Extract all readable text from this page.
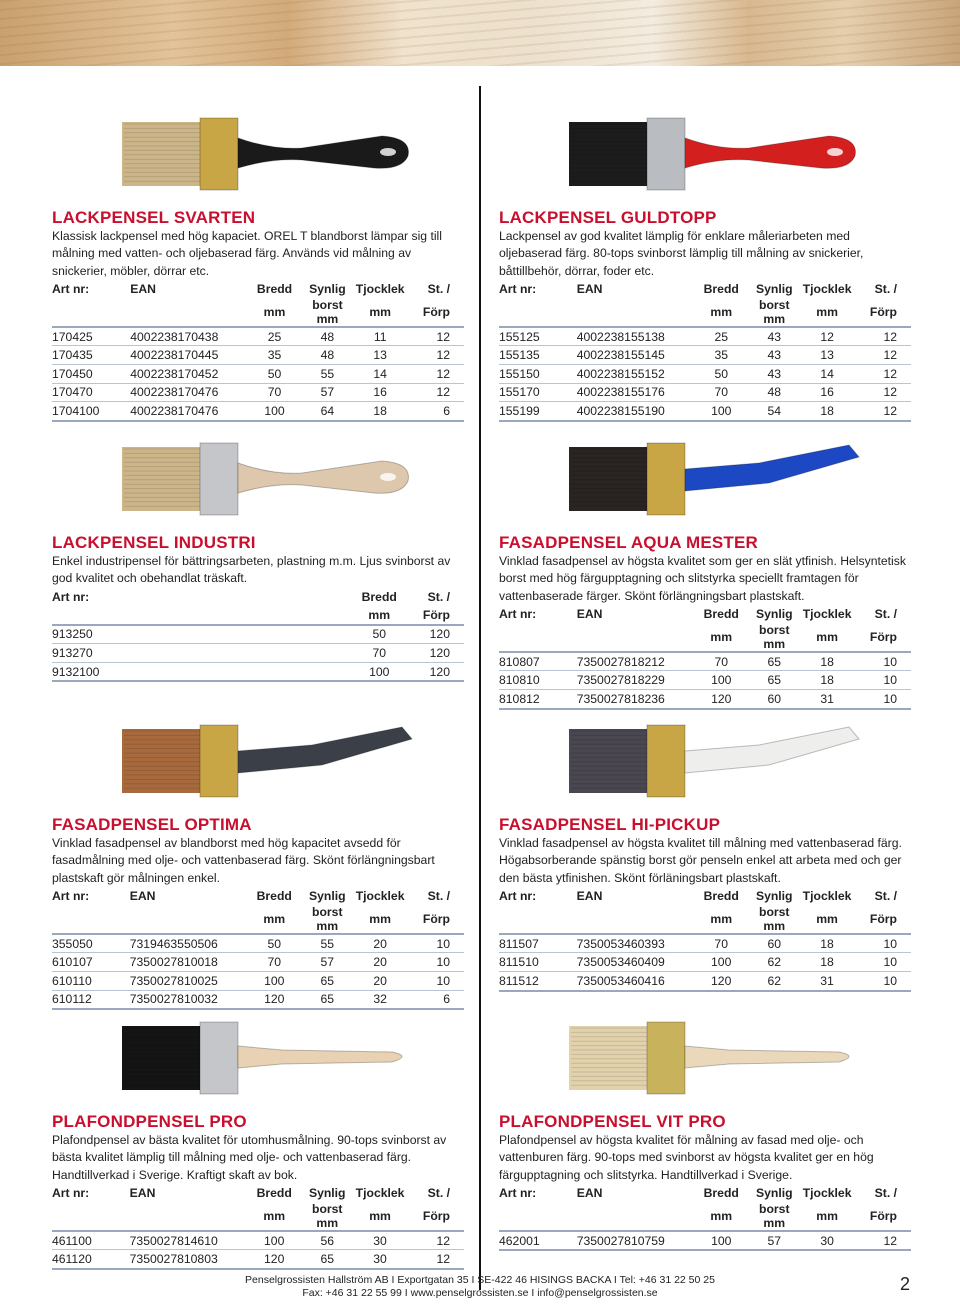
LACKPENSEL SVARTEN

Klassisk lackpensel med hög kapaciet. OREL T blandborst lämpar sig till målning med vatten- och oljebaserad färg. Används vid målning av snickerier, möbler, dörrar etc.

Art nr:	EAN	Bredd	Synlig	Tjocklek	St. /
		mm	borst mm	mm	Förp
170425	4002238170438	25	48	11	12
170435	4002238170445	35	48	13	12
170450	4002238170452	50	55	14	12
170470	4002238170476	70	57	16	12
1704100	4002238170476	100	64	18	6
LACKPENSEL GULDTOPP

Lackpensel av god kvalitet lämplig för enklare måleriarbeten med oljebaserad färg. 80-tops svinborst lämplig till målning av snickerier, båttillbehör, dörrar, foder etc.

Art nr:	EAN	Bredd	Synlig	Tjocklek	St. /
		mm	borst mm	mm	Förp
155125	4002238155138	25	43	12	12
155135	4002238155145	35	43	13	12
155150	4002238155152	50	43	14	12
155170	4002238155176	70	48	16	12
155199	4002238155190	100	54	18	12
LACKPENSEL INDUSTRI

Enkel industripensel för bättringsarbeten, plastning m.m. Ljus svinborst av god kvalitet och obehandlat träskaft.

Art nr:				Bredd	St. /
				mm	Förp
913250				50	120
913270				70	120
9132100				100	120
FASADPENSEL AQUA MESTER

Vinklad fasadpensel av högsta kvalitet som ger en slät ytfinish. Helsyntetisk borst med hög färgupptagning och slitstyrka speciellt framtagen för vattenbaserade färger. Skönt förlängningsbart plastskaft.

Art nr:	EAN	Bredd	Synlig	Tjocklek	St. /
		mm	borst mm	mm	Förp
810807	7350027818212	70	65	18	10
810810	7350027818229	100	65	18	10
810812	7350027818236	120	60	31	10
FASADPENSEL OPTIMA

Vinklad fasadpensel av blandborst med hög kapacitet avsedd för fasadmålning med olje- och vattenbaserad färg. Skönt förlängningsbart plastskaft gör målningen enkel.

Art nr:	EAN	Bredd	Synlig	Tjocklek	St. /
		mm	borst mm	mm	Förp
355050	7319463550506	50	55	20	10
610107	7350027810018	70	57	20	10
610110	7350027810025	100	65	20	10
610112	7350027810032	120	65	32	6
FASADPENSEL HI-PICKUP

Vinklad fasadpensel av högsta kvalitet till målning med vattenbaserad färg. Högabsorberande spänstig borst gör penseln enkel att arbeta med och ger den bästa ytfinishen. Skönt förläningsbart plastskaft.

Art nr:	EAN	Bredd	Synlig	Tjocklek	St. /
		mm	borst mm	mm	Förp
811507	7350053460393	70	60	18	10
811510	7350053460409	100	62	18	10
811512	7350053460416	120	62	31	10
PLAFONDPENSEL PRO

Plafondpensel av bästa kvalitet för utomhusmålning. 90-tops svinborst av bästa kvalitet lämplig till målning med olje- och vattenbaserad färg. Handtillverkad i Sverige. Kraftigt skaft av bok.

Art nr:	EAN	Bredd	Synlig	Tjocklek	St. /
		mm	borst mm	mm	Förp
461100	7350027814610	100	56	30	12
461120	7350027810803	120	65	30	12
PLAFONDPENSEL VIT PRO

Plafondpensel av högsta kvalitet för målning av fasad med olje- och vattenburen färg. 90-tops med svinborst av högsta kvalitet ger en hög färgupptagning och slitstyrka. Handtillverkad i Sverige.

Art nr:	EAN	Bredd	Synlig	Tjocklek	St. /
		mm	borst mm	mm	Förp
462001	7350027810759	100	57	30	12
Penselgrossisten Hallström AB I Exportgatan 35 I SE-422 46 HISINGS BACKA I Tel: +46 31 22 50 25
Fax: +46 31 22 55 99 I www.penselgrossisten.se I info@penselgrossisten.se	2
